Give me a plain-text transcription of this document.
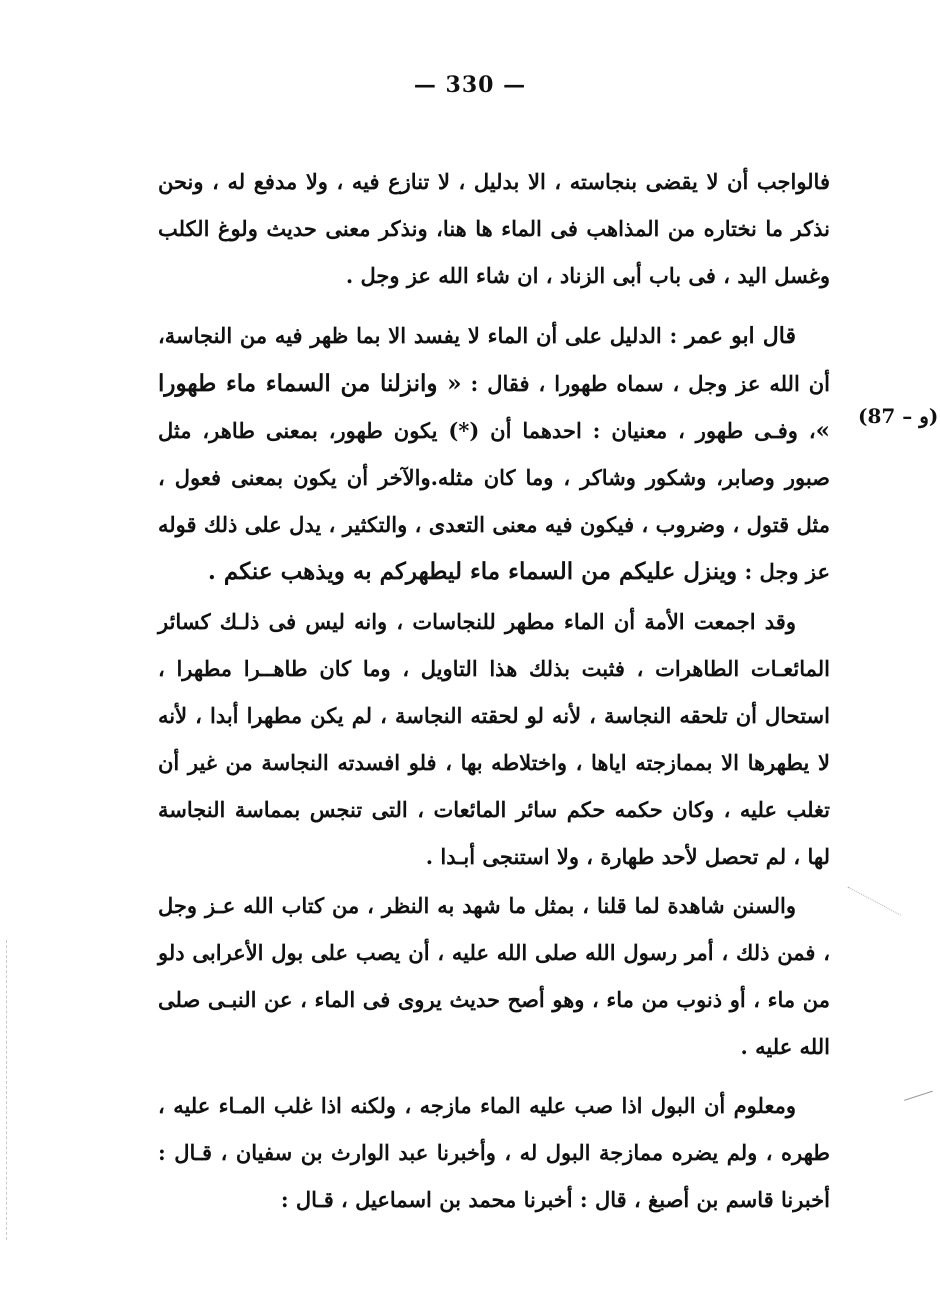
— 330 —
فالواجب أن لا يقضى بنجاسته ، الا بدليل ، لا تنازع فيه ، ولا مدفع له ، ونحن نذكر ما نختاره من المذاهب فى الماء ها هنا، ونذكر معنى حديث ولوغ الكلب وغسل اليد ، فى باب أبى الزناد ، ان شاء الله عز وجل .
قال ابو عمر : الدليل على أن الماء لا يفسد الا بما ظهر فيه من النجاسة، أن الله عز وجل ، سماه طهورا ، فقال : « وانزلنا من السماء ماء طهورا »، وفـى طهور ، معنيان : احدهما أن (*) يكون طهور، بمعنى طاهر، مثل صبور وصابر، وشكور وشاكر ، وما كان مثله.والآخر أن يكون بمعنى فعول ، مثل قتول ، وضروب ، فيكون فيه معنى التعدى ، والتكثير ، يدل على ذلك قوله عز وجل : وينزل عليكم من السماء ماء ليطهركم به ويذهب عنكم .
(87 – و)
وقد اجمعت الأمة أن الماء مطهر للنجاسات ، وانه ليس فى ذلـك كسائر المائعـات الطاهرات ، فثبت بذلك هذا التاويل ، وما كان طاهــرا مطهرا ، استحال أن تلحقه النجاسة ، لأنه لو لحقته النجاسة ، لم يكن مطهرا أبدا ، لأنه لا يطهرها الا بممازجته اياها ، واختلاطه بها ، فلو افسدته النجاسة من غير أن تغلب عليه ، وكان حكمه حكم سائر المائعات ، التى تنجس بمماسة النجاسة لها ، لم تحصل لأحد طهارة ، ولا استنجى أبـدا .
والسنن شاهدة لما قلنا ، بمثل ما شهد به النظر ، من كتاب الله عـز وجل ، فمن ذلك ، أمر رسول الله صلى الله عليه ، أن يصب على بول الأعرابى دلو من ماء ، أو ذنوب من ماء ، وهو أصح حديث يروى فى الماء ، عن النبـى صلى الله عليه .
ومعلوم أن البول اذا صب عليه الماء مازجه ، ولكنه اذا غلب المـاء عليه ، طهره ، ولم يضره ممازجة البول له ، وأخبرنا عبد الوارث بن سفيان ، قـال : أخبرنا قاسم بن أصبغ ، قال : أخبرنا محمد بن اسماعيل ، قـال :
